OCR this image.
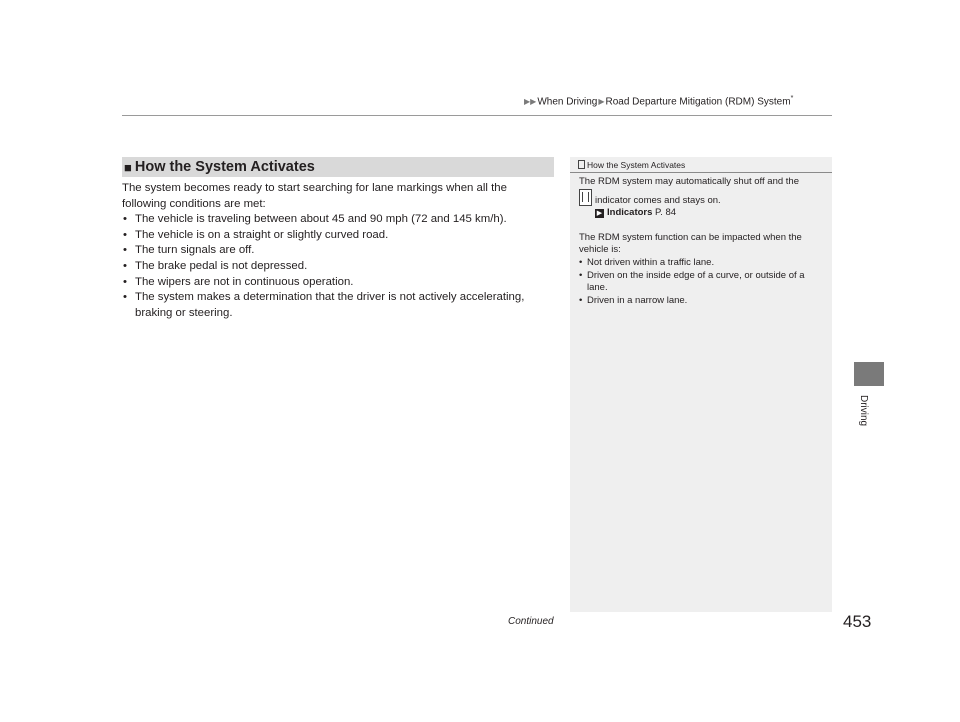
▶▶When Driving▶Road Departure Mitigation (RDM) System*
■ How the System Activates

The system becomes ready to start searching for lane markings when all the following conditions are met:

• The vehicle is traveling between about 45 and 90 mph (72 and 145 km/h).
• The vehicle is on a straight or slightly curved road.
• The turn signals are off.
• The brake pedal is not depressed.
• The wipers are not in continuous operation.
• The system makes a determination that the driver is not actively accelerating, braking or steering.
How the System Activates

The RDM system may automatically shut off and the

indicator comes and stays on.

▶ Indicators P. 84

The RDM system function can be impacted when the vehicle is:

• Not driven within a traffic lane.

• Driven on the inside edge of a curve, or outside of a lane.

• Driven in a narrow lane.

Driving
Continued	453
